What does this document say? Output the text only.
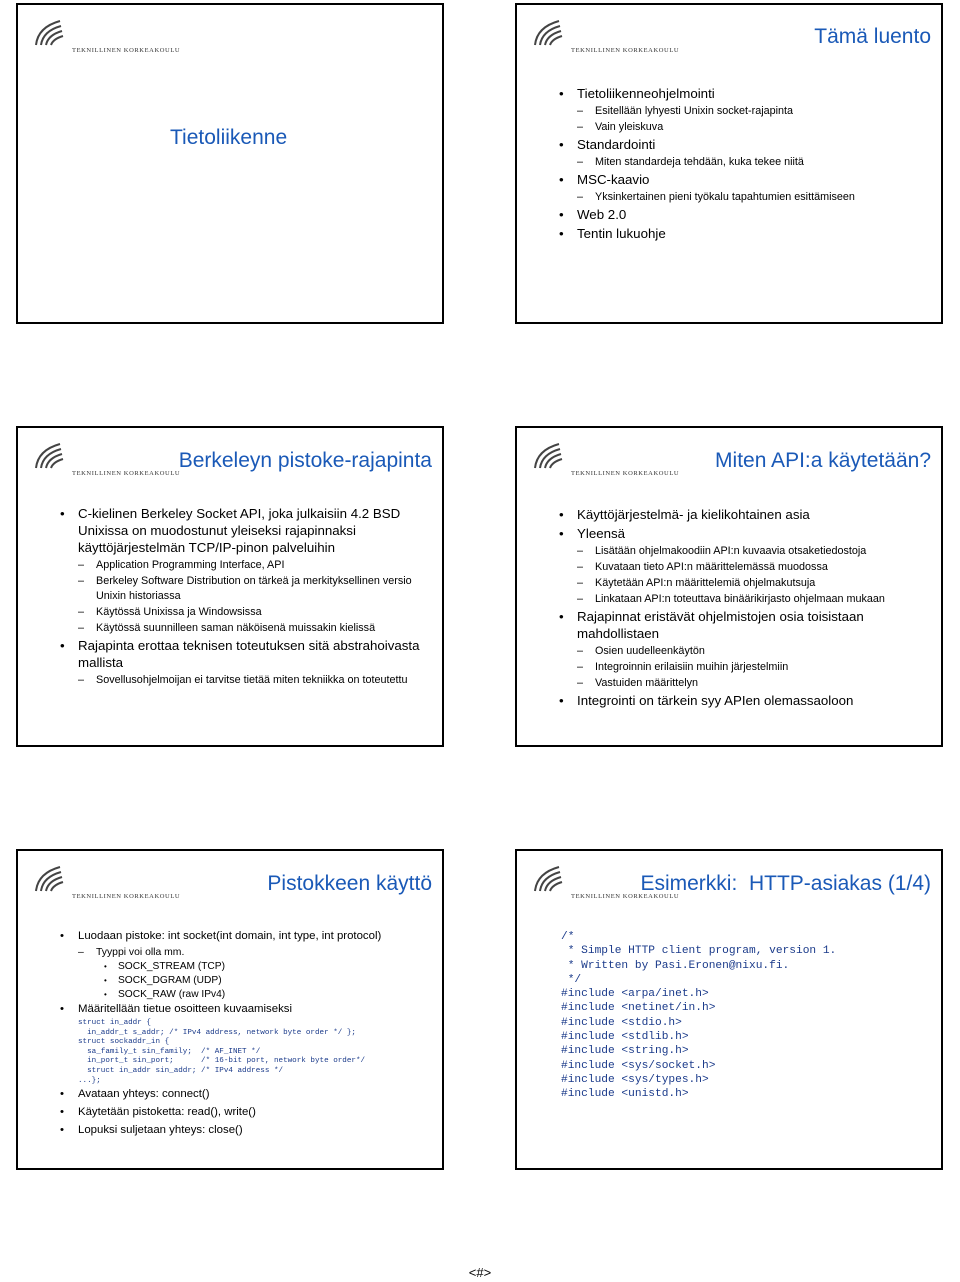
TEKNILLINEN KORKEAKOULU
Tietoliikenne
TEKNILLINEN KORKEAKOULU
Tämä luento
• Tietoliikenneohjelmointi
– Esitellään lyhyesti Unixin socket-rajapinta
– Vain yleiskuva
• Standardointi
– Miten standardeja tehdään, kuka tekee niitä
• MSC-kaavio
– Yksinkertainen pieni työkalu tapahtumien esittämiseen
• Web 2.0
• Tentin lukuohje
TEKNILLINEN KORKEAKOULU
Berkeleyn pistoke-rajapinta
• C-kielinen Berkeley Socket API, joka julkaisiin 4.2 BSD Unixissa on muodostunut yleiseksi rajapinnaksi käyttöjärjestelmän TCP/IP-pinon palveluihin
– Application Programming Interface, API
– Berkeley Software Distribution on tärkeä ja merkityksellinen versio Unixin historiassa
– Käytössä Unixissa ja Windowsissa
– Käytössä suunnilleen saman näköisenä muissakin kielissä
• Rajapinta erottaa teknisen toteutuksen sitä abstrahoivasta mallista
– Sovellusohjelmoijan ei tarvitse tietää miten tekniikka on toteutettu
TEKNILLINEN KORKEAKOULU
Miten API:a käytetään?
• Käyttöjärjestelmä- ja kielikohtainen asia
• Yleensä
– Lisätään ohjelmakoodiin API:n kuvaavia otsaketiedostoja
– Kuvataan tieto API:n määrittelemässä muodossa
– Käytetään API:n määrittelemiä ohjelmakutsuja
– Linkataan API:n toteuttava binäärikirjasto ohjelmaan mukaan
• Rajapinnat eristävät ohjelmistojen osia toisistaan mahdollistaen
– Osien uudelleenkäytön
– Integroinnin erilaisiin muihin järjestelmiin
– Vastuiden määrittelyn
• Integrointi on tärkein syy APIen olemassaoloon
TEKNILLINEN KORKEAKOULU
Pistokkeen käyttö
• Luodaan pistoke: int socket(int domain, int type, int protocol)
– Tyyppi voi olla mm.
• SOCK_STREAM (TCP)
• SOCK_DGRAM (UDP)
• SOCK_RAW (raw IPv4)
• Määritellään tietue osoitteen kuvaamiseksi
struct in_addr {
in_addr_t s_addr; /* IPv4 address, network byte order */ };
struct sockaddr_in {
sa_family_t sin_family;  /* AF_INET */
in_port_t sin_port;      /* 16-bit port, network byte order*/
struct in_addr sin_addr; /* IPv4 address */
...};
• Avataan yhteys: connect()
• Käytetään pistoketta: read(), write()
• Lopuksi suljetaan yhteys: close()
TEKNILLINEN KORKEAKOULU
Esimerkki:  HTTP-asiakas (1/4)
/*
* Simple HTTP client program, version 1.
* Written by Pasi.Eronen@nixu.fi.
*/
#include <arpa/inet.h>
#include <netinet/in.h>
#include <stdio.h>
#include <stdlib.h>
#include <string.h>
#include <sys/socket.h>
#include <sys/types.h>
#include <unistd.h>
<#>
